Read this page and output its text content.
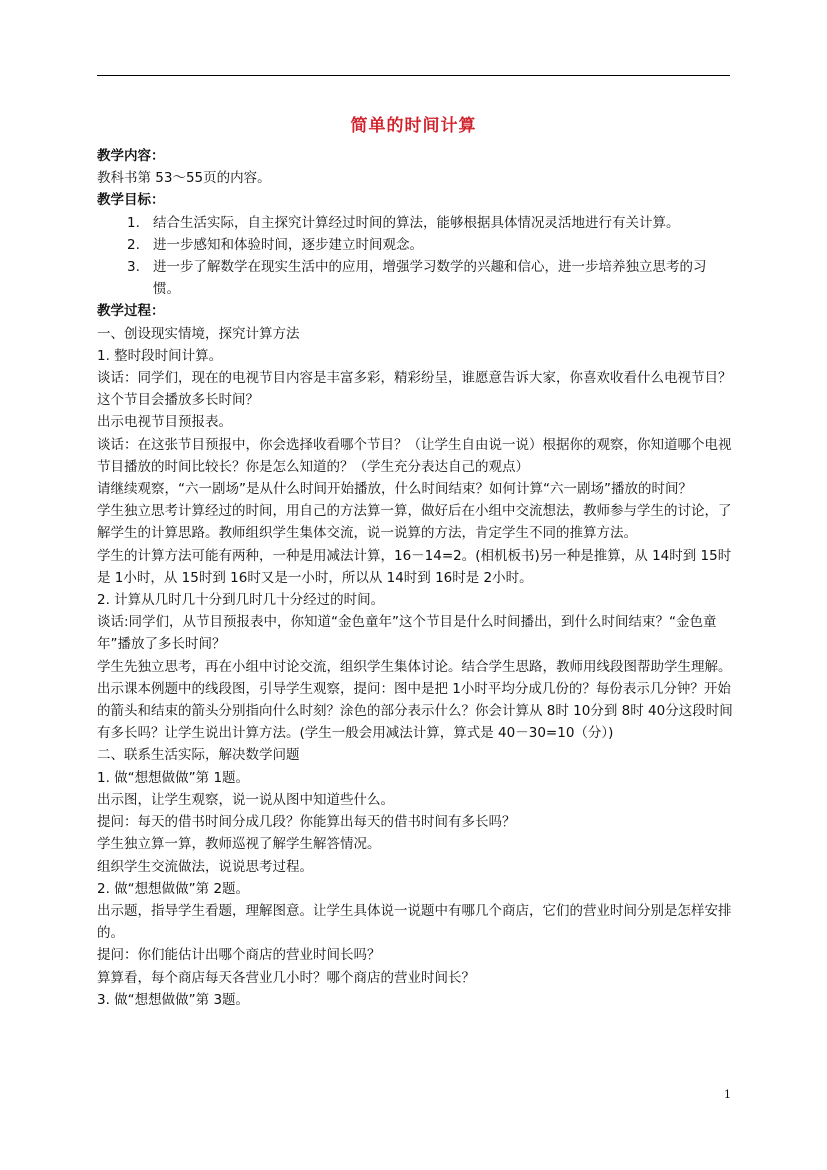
简单的时间计算

教学内容：

教科书第 53～55页的内容。

教学目标：

1. 结合生活实际，自主探究计算经过时间的算法，能够根据具体情况灵活地进行有关计算。
2. 进一步感知和体验时间，逐步建立时间观念。
3. 进一步了解数学在现实生活中的应用，增强学习数学的兴趣和信心，进一步培养独立思考的习惯。

教学过程：

一、创设现实情境，探究计算方法

1. 整时段时间计算。

谈话：同学们，现在的电视节目内容是丰富多彩，精彩纷呈，谁愿意告诉大家，你喜欢收看什么电视节目？这个节目会播放多长时间？

出示电视节目预报表。

谈话：在这张节目预报中，你会选择收看哪个节目？（让学生自由说一说）根据你的观察，你知道哪个电视节目播放的时间比较长？你是怎么知道的？（学生充分表达自己的观点）

请继续观察，“六一剧场”是从什么时间开始播放，什么时间结束？如何计算“六一剧场”播放的时间？

学生独立思考计算经过的时间，用自己的方法算一算，做好后在小组中交流想法，教师参与学生的讨论，了解学生的计算思路。教师组织学生集体交流，说一说算的方法，肯定学生不同的推算方法。

学生的计算方法可能有两种，一种是用减法计算，16－14=2。(相机板书)另一种是推算，从 14时到 15时是 1小时，从 15时到 16时又是一小时，所以从 14时到 16时是 2小时。

2. 计算从几时几十分到几时几十分经过的时间。

谈话:同学们，从节目预报表中，你知道“金色童年”这个节目是什么时间播出，到什么时间结束？“金色童年”播放了多长时间？

学生先独立思考，再在小组中讨论交流，组织学生集体讨论。结合学生思路，教师用线段图帮助学生理解。

出示课本例题中的线段图，引导学生观察，提问：图中是把 1小时平均分成几份的？每份表示几分钟？开始的箭头和结束的箭头分别指向什么时刻？涂色的部分表示什么？你会计算从 8时 10分到 8时 40分这段时间有多长吗？让学生说出计算方法。(学生一般会用减法计算，算式是 40－30=10（分）)

二、联系生活实际，解决数学问题

1. 做“想想做做”第 1题。

出示图，让学生观察，说一说从图中知道些什么。

提问：每天的借书时间分成几段？你能算出每天的借书时间有多长吗？

学生独立算一算，教师巡视了解学生解答情况。

组织学生交流做法，说说思考过程。

2. 做“想想做做”第 2题。

出示题，指导学生看题，理解图意。让学生具体说一说题中有哪几个商店，它们的营业时间分别是怎样安排的。

提问：你们能估计出哪个商店的营业时间长吗？

算算看，每个商店每天各营业几小时？哪个商店的营业时间长？

3. 做“想想做做”第 3题。

1
